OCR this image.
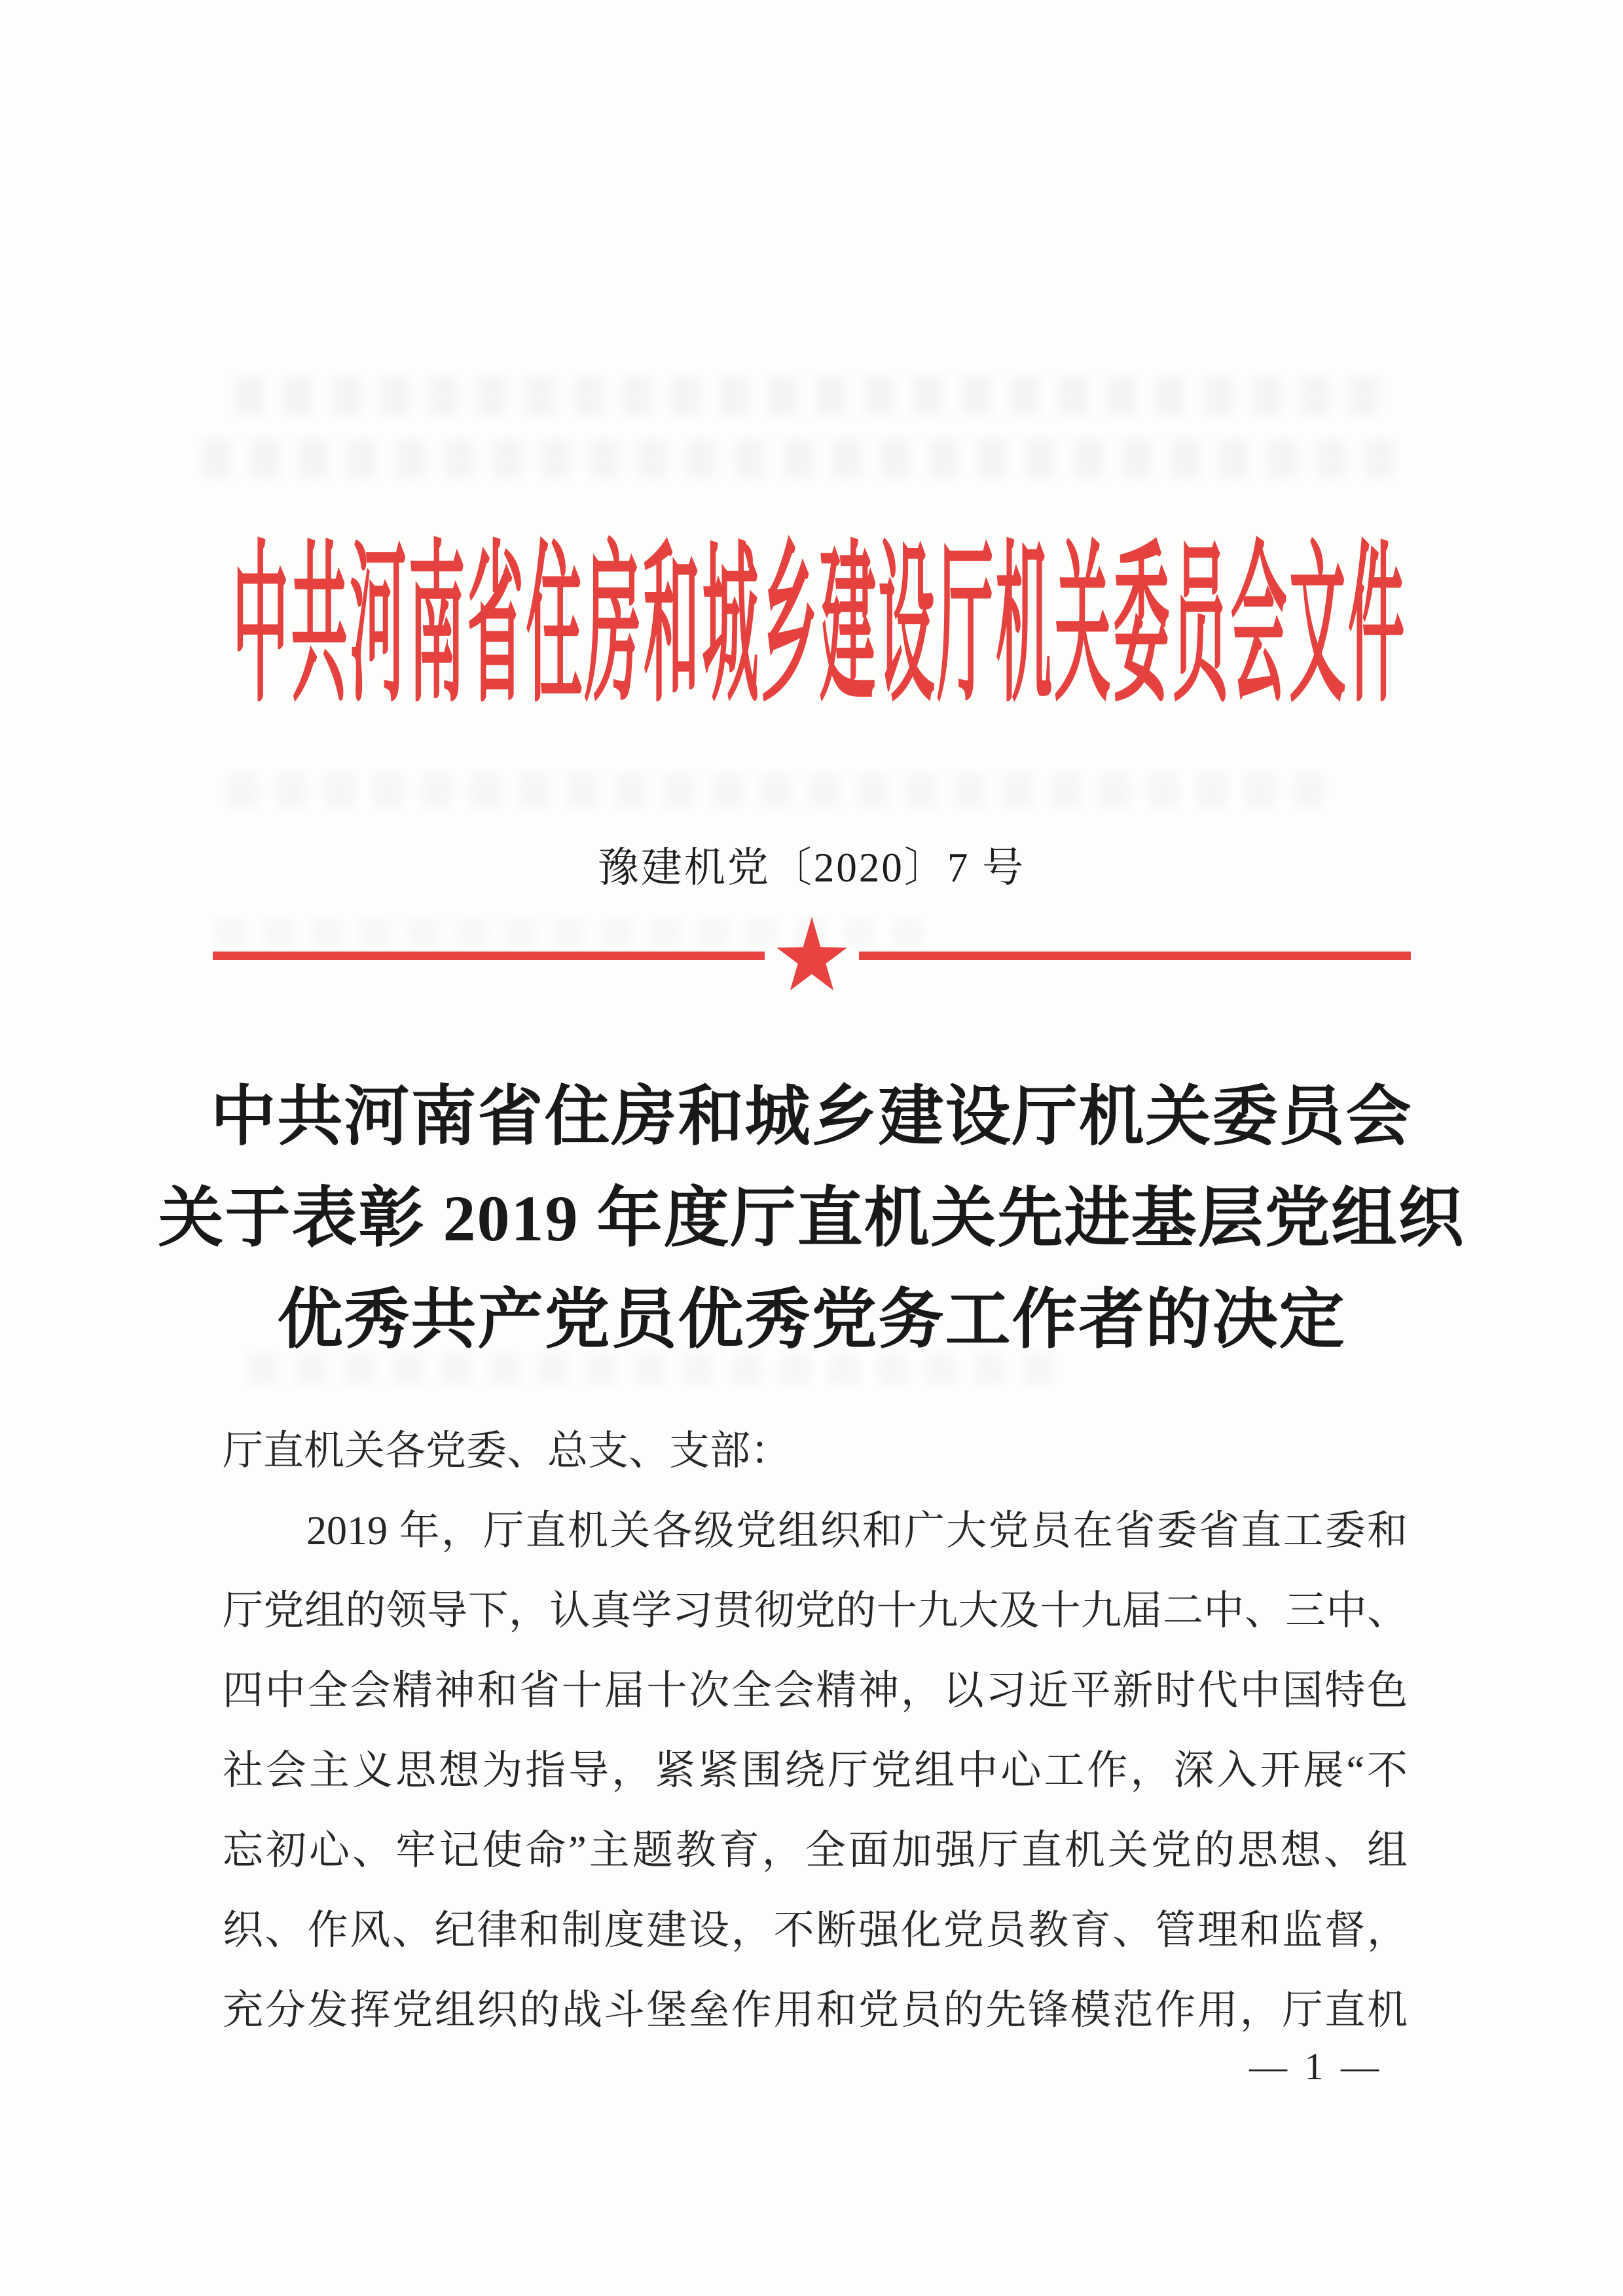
中共河南省住房和城乡建设厅机关委员会文件
豫建机党〔2020〕7 号
中共河南省住房和城乡建设厅机关委员会
关于表彰 2019 年度厅直机关先进基层党组织
优秀共产党员优秀党务工作者的决定
厅直机关各党委、总支、支部：
2019 年，厅直机关各级党组织和广大党员在省委省直工委和
厅党组的领导下，认真学习贯彻党的十九大及十九届二中、三中、
四中全会精神和省十届十次全会精神，以习近平新时代中国特色
社会主义思想为指导，紧紧围绕厅党组中心工作，深入开展“不
忘初心、牢记使命”主题教育，全面加强厅直机关党的思想、组
织、作风、纪律和制度建设，不断强化党员教育、管理和监督，
充分发挥党组织的战斗堡垒作用和党员的先锋模范作用，厅直机
— 1 —
